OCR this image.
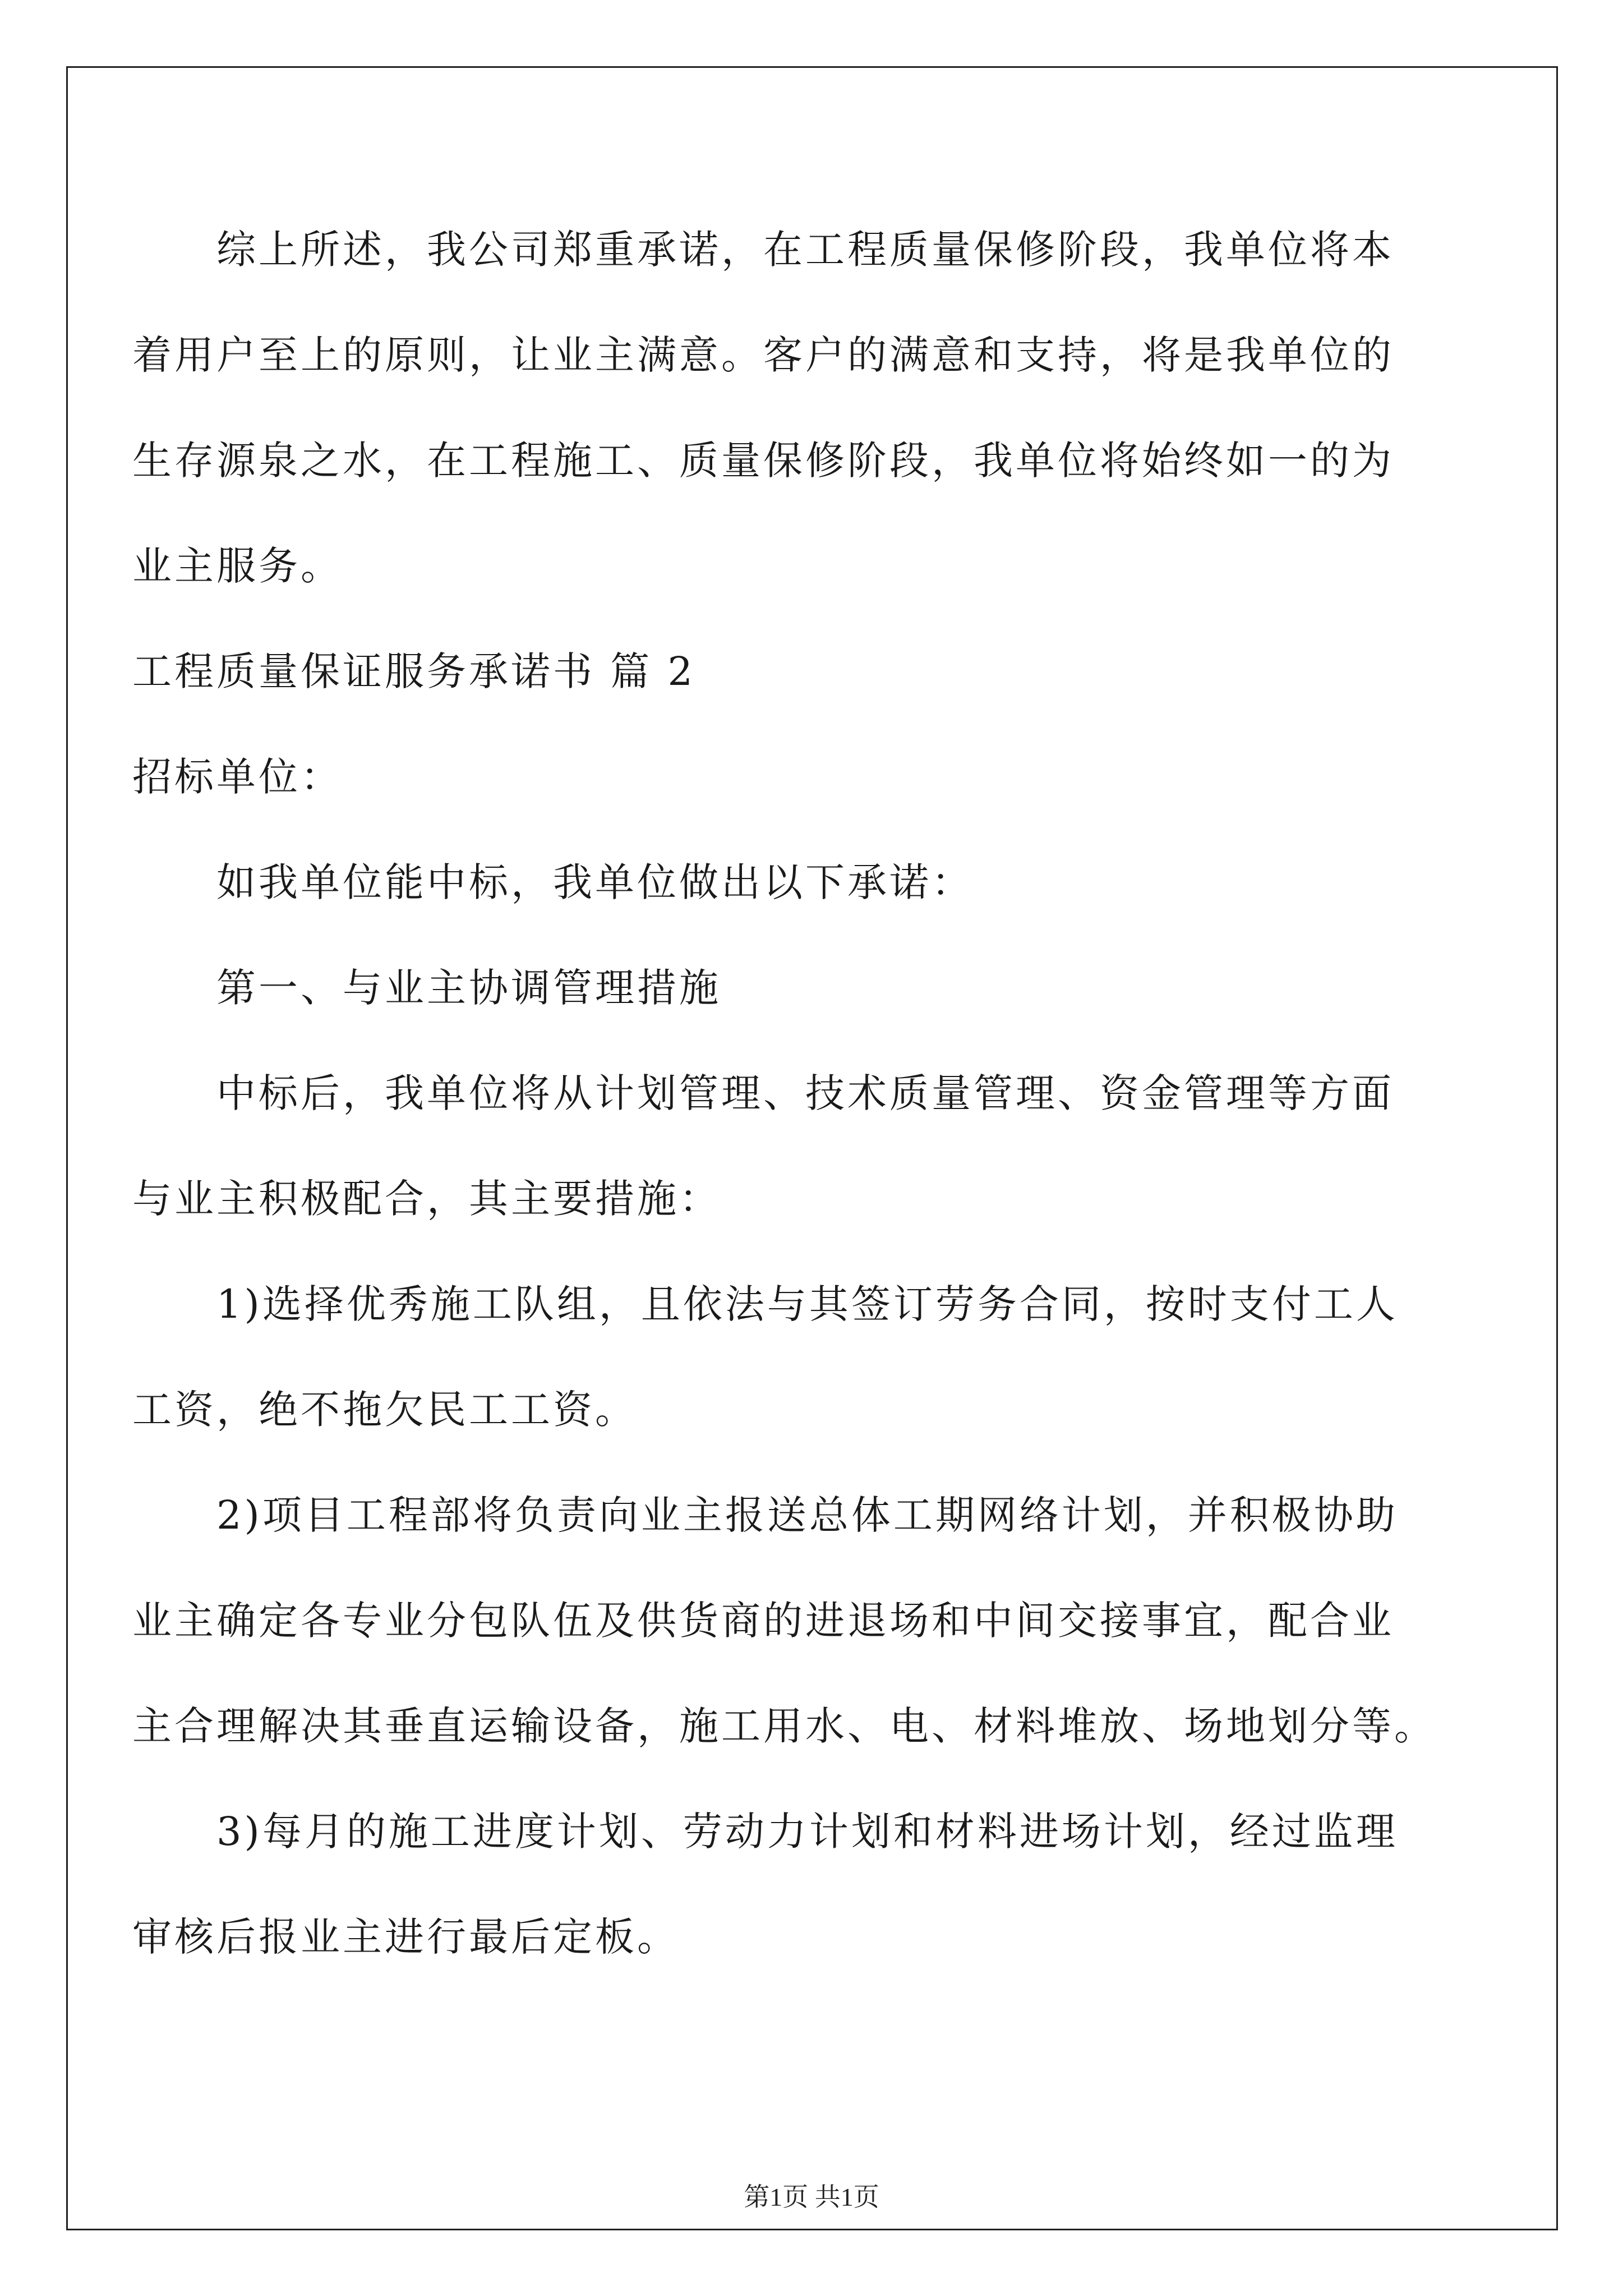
综上所述，我公司郑重承诺，在工程质量保修阶段，我单位将本
着用户至上的原则，让业主满意。客户的满意和支持，将是我单位的
生存源泉之水，在工程施工、质量保修阶段，我单位将始终如一的为
业主服务。
工程质量保证服务承诺书 篇 2
招标单位：
如我单位能中标，我单位做出以下承诺：
第一、与业主协调管理措施
中标后，我单位将从计划管理、技术质量管理、资金管理等方面
与业主积极配合，其主要措施：
1)选择优秀施工队组，且依法与其签订劳务合同，按时支付工人
工资，绝不拖欠民工工资。
2)项目工程部将负责向业主报送总体工期网络计划，并积极协助
业主确定各专业分包队伍及供货商的进退场和中间交接事宜，配合业
主合理解决其垂直运输设备，施工用水、电、材料堆放、场地划分等。
3)每月的施工进度计划、劳动力计划和材料进场计划，经过监理
审核后报业主进行最后定板。
第1页 共1页
